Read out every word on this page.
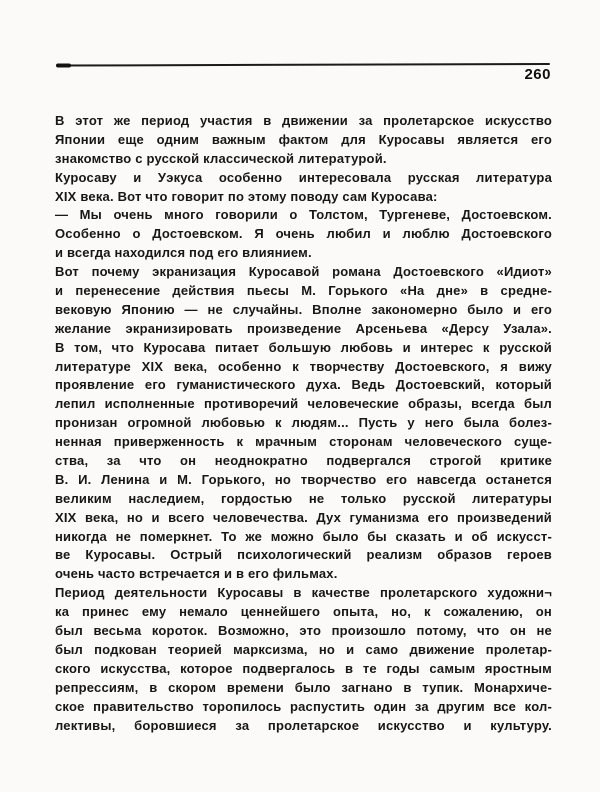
260
В этот же период участия в движении за пролетарское искусство
Японии еще одним важным фактом для Куросавы является его
знакомство с русской классической литературой.
Куросаву и Уэкуса особенно интересовала русская литература
XIX века. Вот что говорит по этому поводу сам Куросава:
— Мы очень много говорили о Толстом, Тургеневе, Достоевском.
Особенно о Достоевском. Я очень любил и люблю Достоевского
и всегда находился под его влиянием.
Вот почему экранизация Куросавой романа Достоевского «Идиот»
и перенесение действия пьесы М. Горького «На дне» в средне-
вековую Японию — не случайны. Вполне закономерно было и его
желание экранизировать произведение Арсеньева «Дерсу Узала».
В том, что Куросава питает большую любовь и интерес к русской
литературе XIX века, особенно к творчеству Достоевского, я вижу
проявление его гуманистического духа. Ведь Достоевский, который
лепил исполненные противоречий человеческие образы, всегда был
пронизан огромной любовью к людям... Пусть у него была болез-
ненная приверженность к мрачным сторонам человеческого суще-
ства, за что он неоднократно подвергался строгой критике
В. И. Ленина и М. Горького, но творчество его навсегда останется
великим наследием, гордостью не только русской литературы
XIX века, но и всего человечества. Дух гуманизма его произведений
никогда не померкнет. То же можно было бы сказать и об искусст-
ве Куросавы. Острый психологический реализм образов героев
очень часто встречается и в его фильмах.
Период деятельности Куросавы в качестве пролетарского художни¬
ка принес ему немало ценнейшего опыта, но, к сожалению, он
был весьма короток. Возможно, это произошло потому, что он не
был подкован теорией марксизма, но и само движение пролетар-
ского искусства, которое подвергалось в те годы самым яростным
репрессиям, в скором времени было загнано в тупик. Монархиче-
ское правительство торопилось распустить один за другим все кол-
лективы, боровшиеся за пролетарское искусство и культуру.
